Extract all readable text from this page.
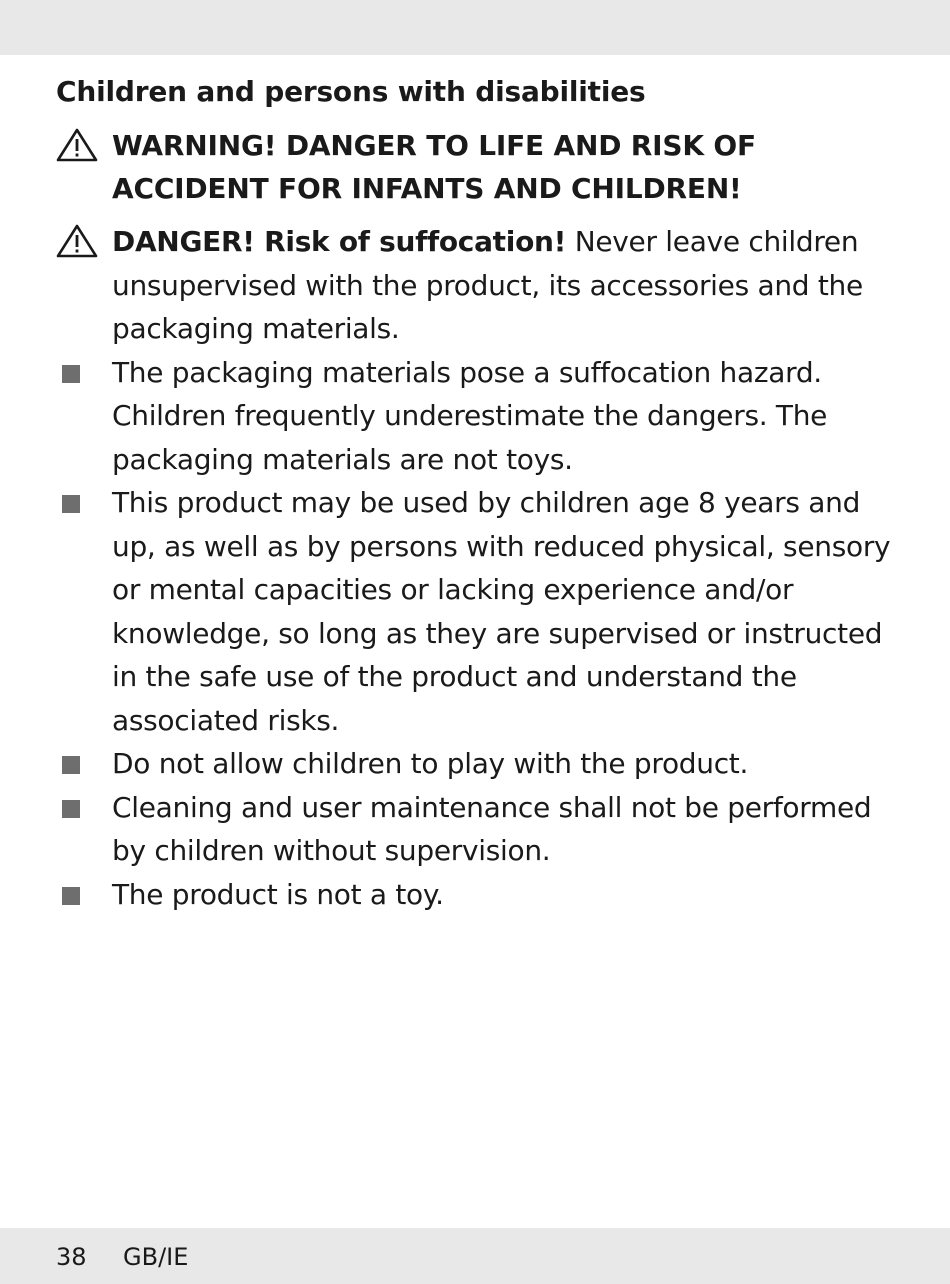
Children and persons with disabilities
WARNING! DANGER TO LIFE AND RISK OF ACCIDENT FOR INFANTS AND CHILDREN!
DANGER! Risk of suffocation! Never leave children unsupervised with the product, its accessories and the packaging materials.
The packaging materials pose a suffocation hazard. Children frequently underestimate the dangers. The packaging materials are not toys.
This product may be used by children age 8 years and up, as well as by persons with reduced physical, sensory or mental capacities or lacking experience and/or knowledge, so long as they are supervised or instructed in the safe use of the product and understand the associated risks.
Do not allow children to play with the product.
Cleaning and user maintenance shall not be performed by children without supervision.
The product is not a toy.
38 GB/IE
